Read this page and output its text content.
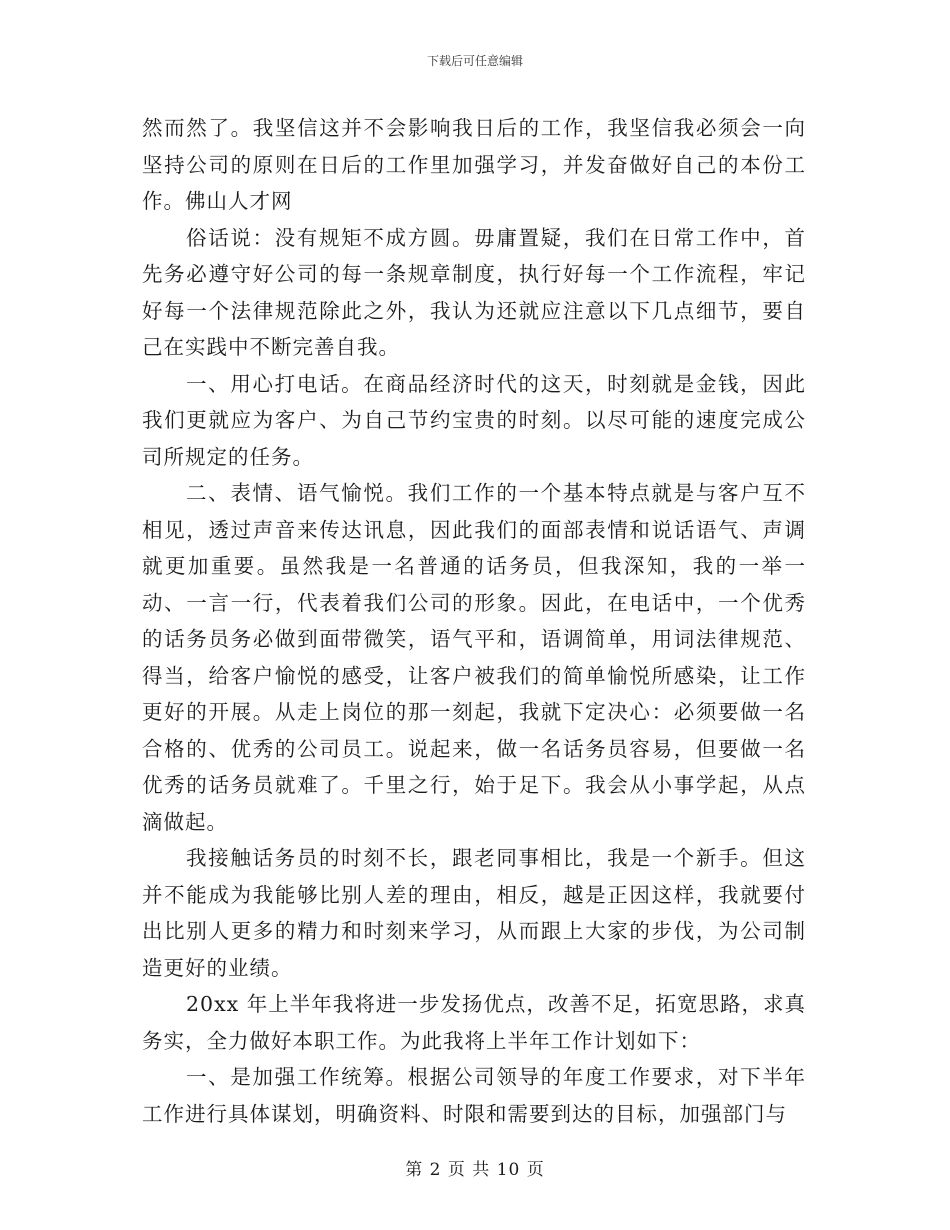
下载后可任意编辑

然而然了。我坚信这并不会影响我日后的工作，我坚信我必须会一向坚持公司的原则在日后的工作里加强学习，并发奋做好自己的本份工作。佛山人才网

俗话说：没有规矩不成方圆。毋庸置疑，我们在日常工作中，首先务必遵守好公司的每一条规章制度，执行好每一个工作流程，牢记好每一个法律规范除此之外，我认为还就应注意以下几点细节，要自己在实践中不断完善自我。

一、用心打电话。在商品经济时代的这天，时刻就是金钱，因此我们更就应为客户、为自己节约宝贵的时刻。以尽可能的速度完成公司所规定的任务。

二、表情、语气愉悦。我们工作的一个基本特点就是与客户互不相见，透过声音来传达讯息，因此我们的面部表情和说话语气、声调就更加重要。虽然我是一名普通的话务员，但我深知，我的一举一动、一言一行，代表着我们公司的形象。因此，在电话中，一个优秀的话务员务必做到面带微笑，语气平和，语调简单，用词法律规范、得当，给客户愉悦的感受，让客户被我们的简单愉悦所感染，让工作更好的开展。从走上岗位的那一刻起，我就下定决心：必须要做一名合格的、优秀的公司员工。说起来，做一名话务员容易，但要做一名优秀的话务员就难了。千里之行，始于足下。我会从小事学起，从点滴做起。

我接触话务员的时刻不长，跟老同事相比，我是一个新手。但这并不能成为我能够比别人差的理由，相反，越是正因这样，我就要付出比别人更多的精力和时刻来学习，从而跟上大家的步伐，为公司制造更好的业绩。

20xx 年上半年我将进一步发扬优点，改善不足，拓宽思路，求真务实，全力做好本职工作。为此我将上半年工作计划如下：

一、是加强工作统筹。根据公司领导的年度工作要求，对下半年工作进行具体谋划，明确资料、时限和需要到达的目标，加强部门与

第 2 页 共 10 页
